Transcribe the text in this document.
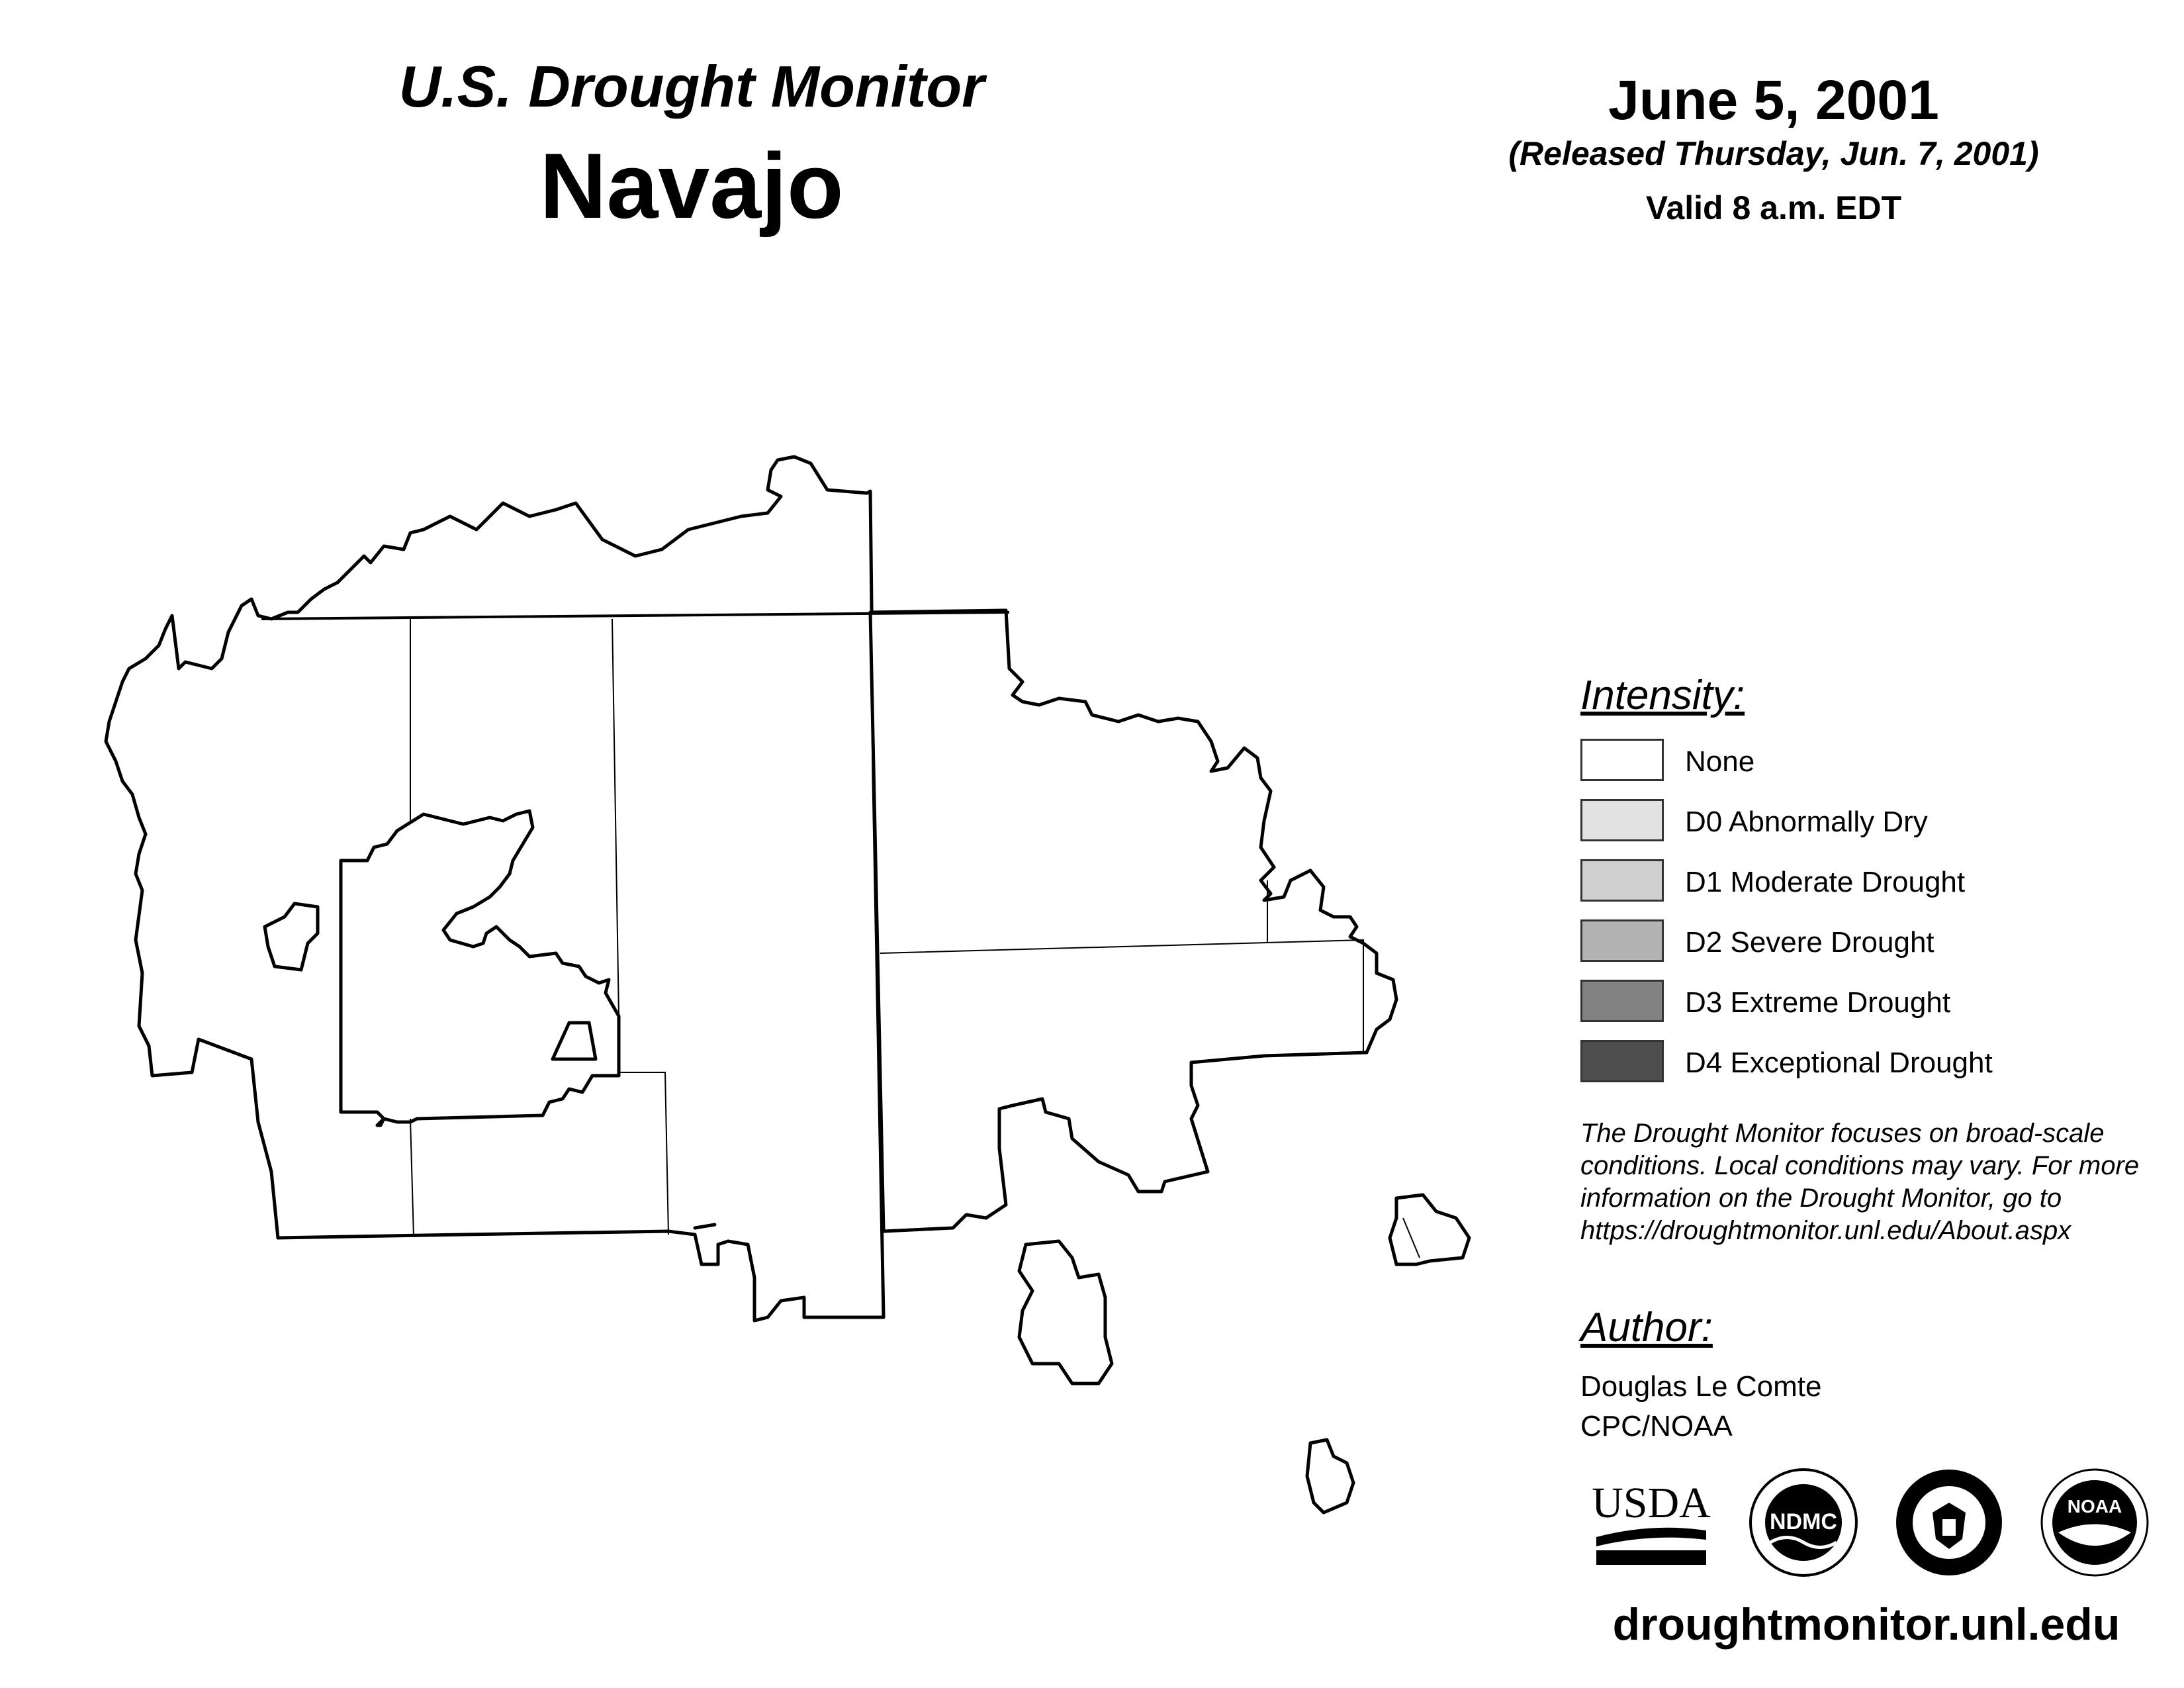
U.S. Drought Monitor
Navajo
June 5, 2001
(Released Thursday, Jun. 7, 2001)
Valid 8 a.m. EDT
Intensity:
None
D0 Abnormally Dry
D1 Moderate Drought
D2 Severe Drought
D3 Extreme Drought
D4 Exceptional Drought
The Drought Monitor focuses on broad-scale
conditions. Local conditions may vary. For more
information on the Drought Monitor, go to
https://droughtmonitor.unl.edu/About.aspx
Author:
Douglas Le Comte
CPC/NOAA
USDA	NDMC
NOAA
droughtmonitor.unl.edu
